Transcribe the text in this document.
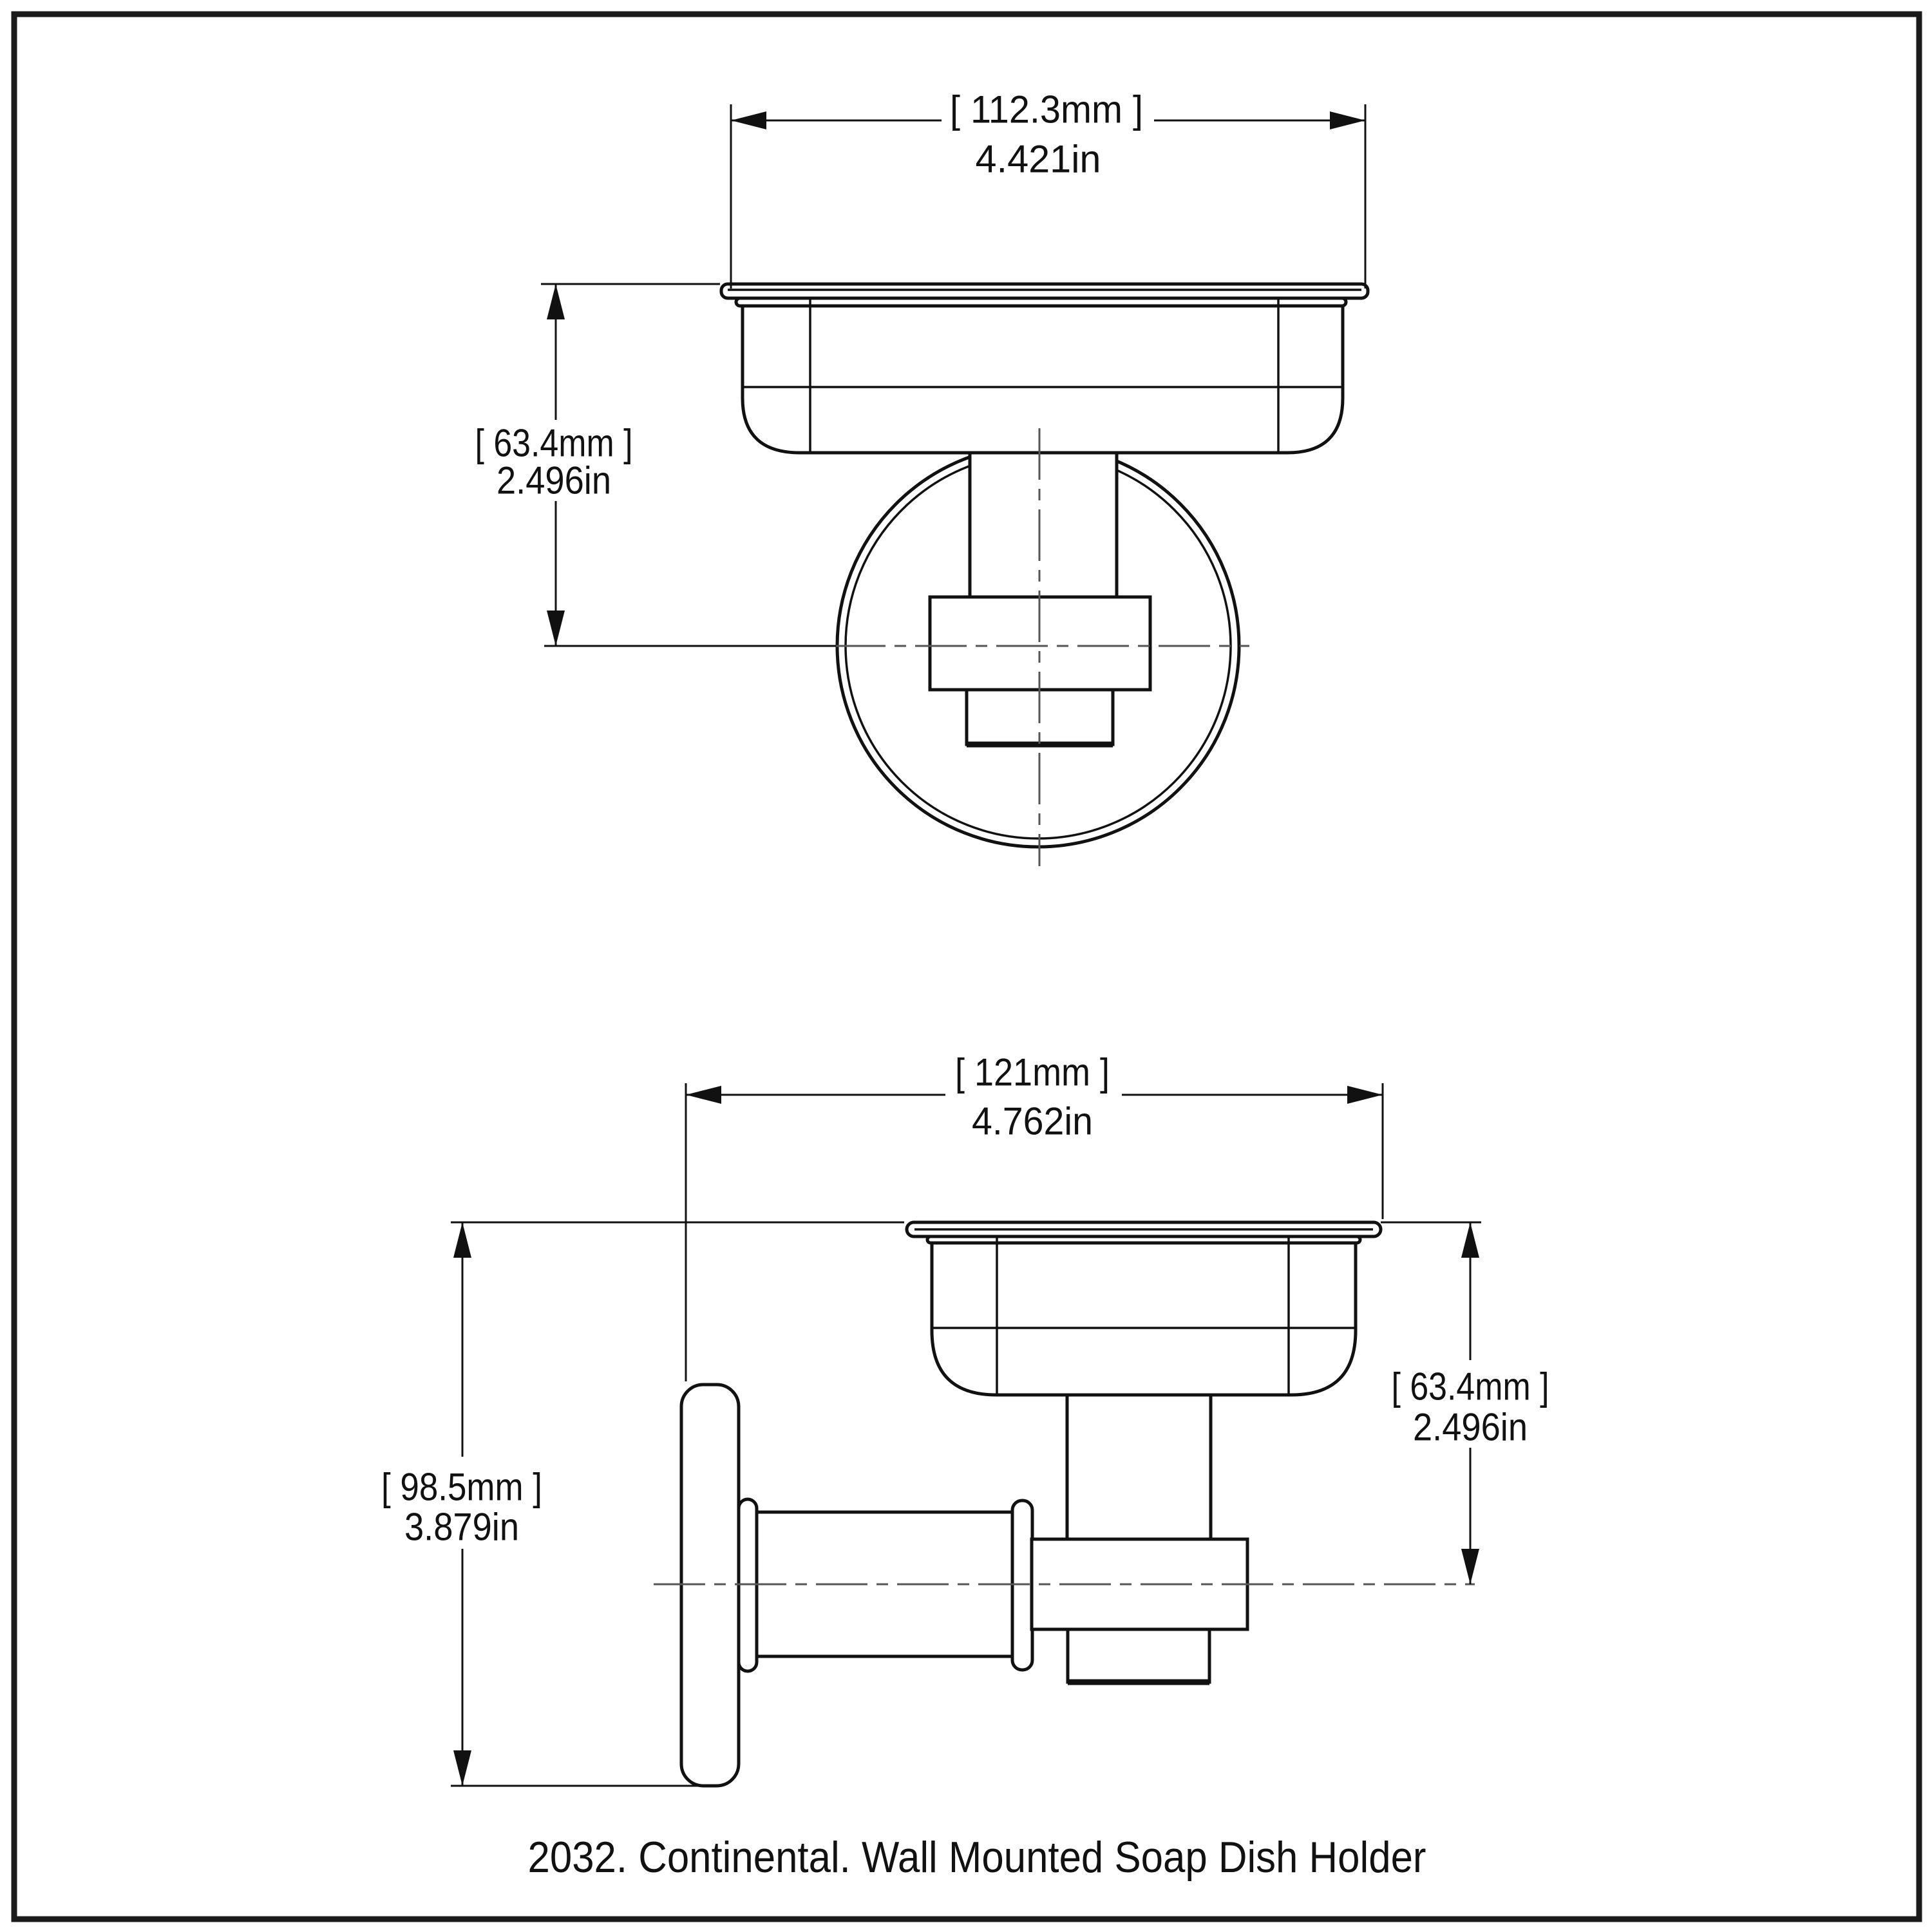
[ 112.3mm ]
4.421in
[ 63.4mm ]
2.496in
[ 121mm ]
4.762in
[ 98.5mm ]
3.879in
[ 63.4mm ]
2.496in
2032. Continental. Wall Mounted Soap Dish Holder
